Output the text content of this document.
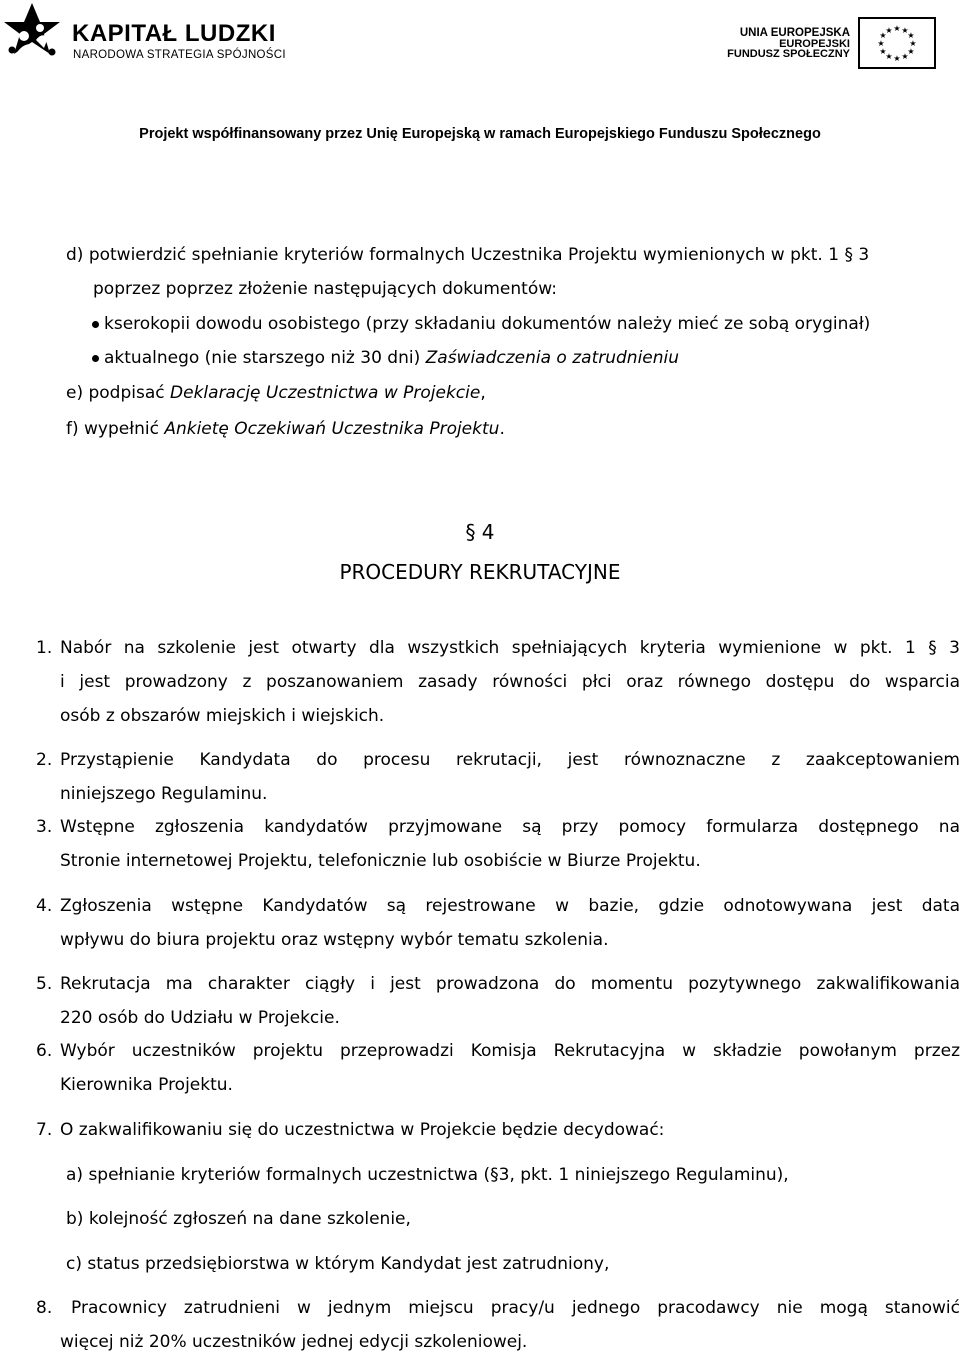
KAPITAŁ LUDZKI
NARODOWA STRATEGIA SPÓJNOŚCI
UNIA EUROPEJSKA
EUROPEJSKI
FUNDUSZ SPOŁECZNY
★ ★
★
★
★
★
★
★
★
★
★
★
Projekt współfinansowany przez Unię Europejską w ramach Europejskiego Funduszu Społecznego
d) potwierdzić spełnianie kryteriów formalnych Uczestnika Projektu wymienionych w pkt. 1 § 3
poprzez poprzez złożenie następujących dokumentów:
kserokopii dowodu osobistego (przy składaniu dokumentów należy mieć ze sobą oryginał)
aktualnego (nie starszego niż 30 dni) Zaświadczenia o zatrudnieniu
e) podpisać Deklarację Uczestnictwa w Projekcie,
f) wypełnić Ankietę Oczekiwań Uczestnika Projektu.
§ 4
PROCEDURY REKRUTACYJNE
1. Nabór na szkolenie jest otwarty dla wszystkich spełniających kryteria wymienione w pkt. 1 § 3
i jest prowadzony z poszanowaniem zasady równości płci oraz równego dostępu do wsparcia
osób z obszarów miejskich i wiejskich.
2. Przystąpienie Kandydata do procesu rekrutacji, jest równoznaczne z zaakceptowaniem
niniejszego Regulaminu.
3. Wstępne zgłoszenia kandydatów przyjmowane są przy pomocy formularza dostępnego na
Stronie internetowej Projektu, telefonicznie lub osobiście w Biurze Projektu.
4. Zgłoszenia wstępne Kandydatów są rejestrowane w bazie, gdzie odnotowywana jest data
wpływu do biura projektu oraz wstępny wybór tematu szkolenia.
5. Rekrutacja ma charakter ciągły i jest prowadzona do momentu pozytywnego zakwalifikowania
220 osób do Udziału w Projekcie.
6. Wybór uczestników projektu przeprowadzi Komisja Rekrutacyjna w składzie powołanym przez
Kierownika Projektu.
7. O zakwalifikowaniu się do uczestnictwa w Projekcie będzie decydować:
a) spełnianie kryteriów formalnych uczestnictwa (§3, pkt. 1 niniejszego Regulaminu),
b) kolejność zgłoszeń na dane szkolenie,
c) status przedsiębiorstwa w którym Kandydat jest zatrudniony,
8. Pracownicy zatrudnieni w jednym miejscu pracy/u jednego pracodawcy nie mogą stanowić
więcej niż 20% uczestników jednej edycji szkoleniowej.
